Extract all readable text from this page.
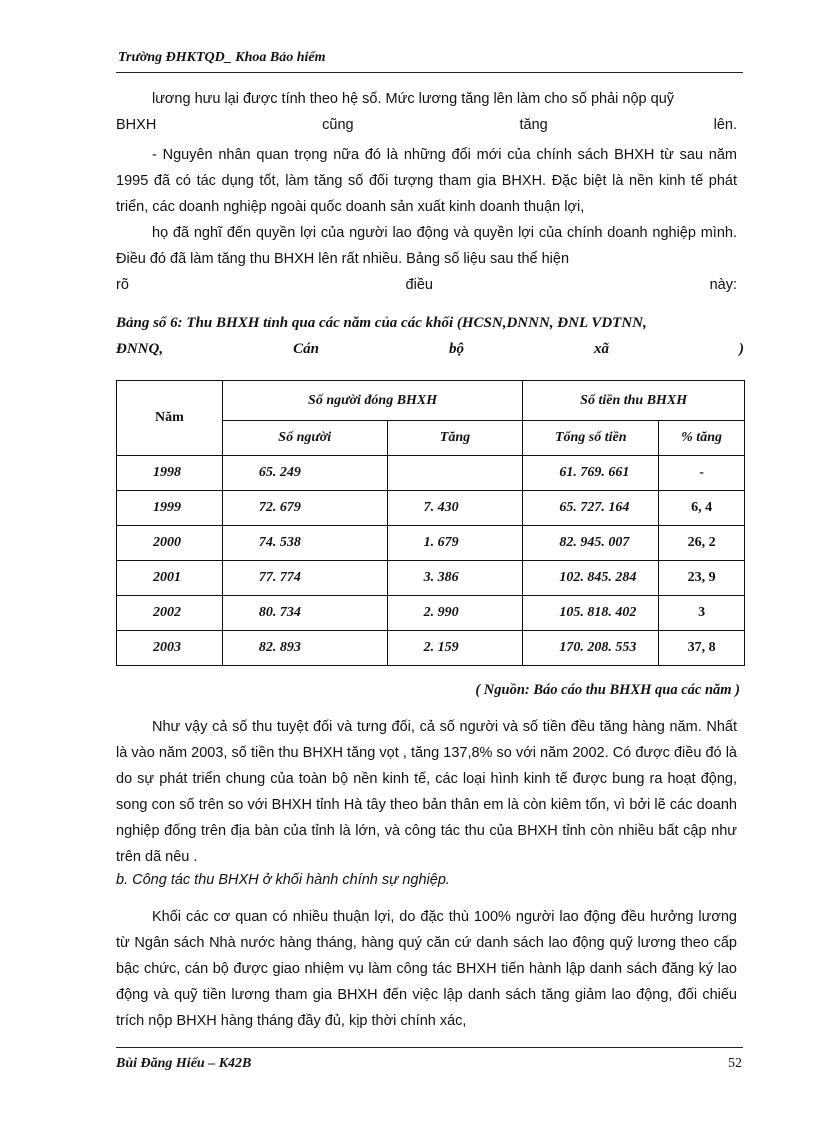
Trường ĐHKTQD_ Khoa Bảo hiểm

lương hưu lại được tính theo hệ số. Mức lương tăng lên làm cho số phải nộp quỹ

BHXH	cũng	tăng	lên.

- Nguyên nhân quan trọng nữa đó là những đổi mới của chính sách BHXH từ sau năm 1995 đã có tác dụng tốt, làm tăng số đối tượng tham gia BHXH. Đặc biệt là nền kinh tế phát triển, các doanh nghiệp ngoài quốc doanh sản xuất kinh doanh thuận lợi,

họ đã nghĩ đến quyền lợi của người lao động và quyền lợi của chính doanh nghiệp mình. Điều đó đã làm tăng thu BHXH lên rất nhiều. Bảng số liệu sau thể hiện

rõ	điều	này:
Bảng số 6: Thu BHXH tỉnh qua các năm của các khối (HCSN,DNNN, ĐNL VDTNN,
ĐNNQ,	Cán	bộ	xã	)
Năm	Số người đóng BHXH		Số tiền thu BHXH	
	Số người	Tăng	Tổng số tiền	% tăng
1998	65. 249		61. 769. 661	-
1999	72. 679	7. 430	65. 727. 164	6, 4
2000	74. 538	1. 679	82. 945. 007	26, 2
2001	77. 774	3. 386	102. 845. 284	23, 9
2002	80. 734	2. 990	105. 818. 402	3
2003	82. 893	2. 159	170. 208. 553	37, 8
( Nguồn: Báo cáo thu BHXH qua các năm )

Như vậy cả số thu tuyệt đối và tưng đối, cả số người và số tiền đều tăng hàng năm. Nhất là vào năm 2003, số tiền thu BHXH tăng vọt , tăng 137,8% so với năm 2002. Có được điều đó là do sự phát triển chung của toàn bộ nền kinh tế, các loại hình kinh tế được bung ra hoạt động, song con số trên so với BHXH tỉnh Hà tây theo bản thân em là còn kiêm tốn, vì bởi lẽ các doanh nghiệp đống trên địa bàn của tỉnh là lớn, và công tác thu của BHXH tỉnh còn nhiều bất cập như trên dã nêu .

b. Công tác thu BHXH ở khối hành chính sự nghiệp.

Khối các cơ quan có nhiều thuận lợi, do đặc thù 100% người lao động đều hưởng lương từ Ngân sách Nhà nước hàng tháng, hàng quý căn cứ danh sách lao động quỹ lương theo cấp bậc chức, cán bộ được giao nhiệm vụ làm công tác BHXH tiến hành lập danh sách đăng ký lao động và quỹ tiền lương tham gia BHXH đến việc lập danh sách tăng giảm lao động, đối chiếu trích nộp BHXH hàng tháng đầy đủ, kịp thời chính xác,

Bùi Đăng Hiếu – K42B	52
